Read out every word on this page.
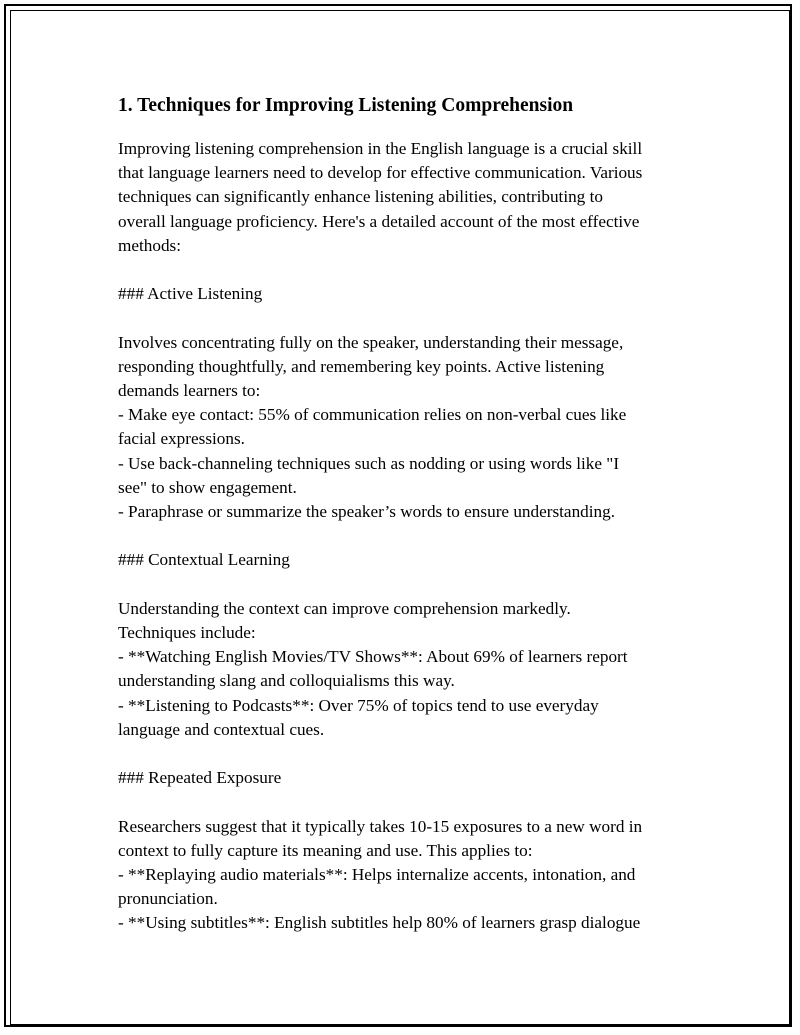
1. Techniques for Improving Listening Comprehension
Improving listening comprehension in the English language is a crucial skill
that language learners need to develop for effective communication. Various
techniques can significantly enhance listening abilities, contributing to
overall language proficiency. Here's a detailed account of the most effective
methods:
### Active Listening
Involves concentrating fully on the speaker, understanding their message,
responding thoughtfully, and remembering key points. Active listening
demands learners to:
- Make eye contact: 55% of communication relies on non-verbal cues like
facial expressions.
- Use back-channeling techniques such as nodding or using words like "I
see" to show engagement.
- Paraphrase or summarize the speaker’s words to ensure understanding.
### Contextual Learning
Understanding the context can improve comprehension markedly.
Techniques include:
- **Watching English Movies/TV Shows**: About 69% of learners report
understanding slang and colloquialisms this way.
- **Listening to Podcasts**: Over 75% of topics tend to use everyday
language and contextual cues.
### Repeated Exposure
Researchers suggest that it typically takes 10-15 exposures to a new word in
context to fully capture its meaning and use. This applies to:
- **Replaying audio materials**: Helps internalize accents, intonation, and
pronunciation.
- **Using subtitles**: English subtitles help 80% of learners grasp dialogue
